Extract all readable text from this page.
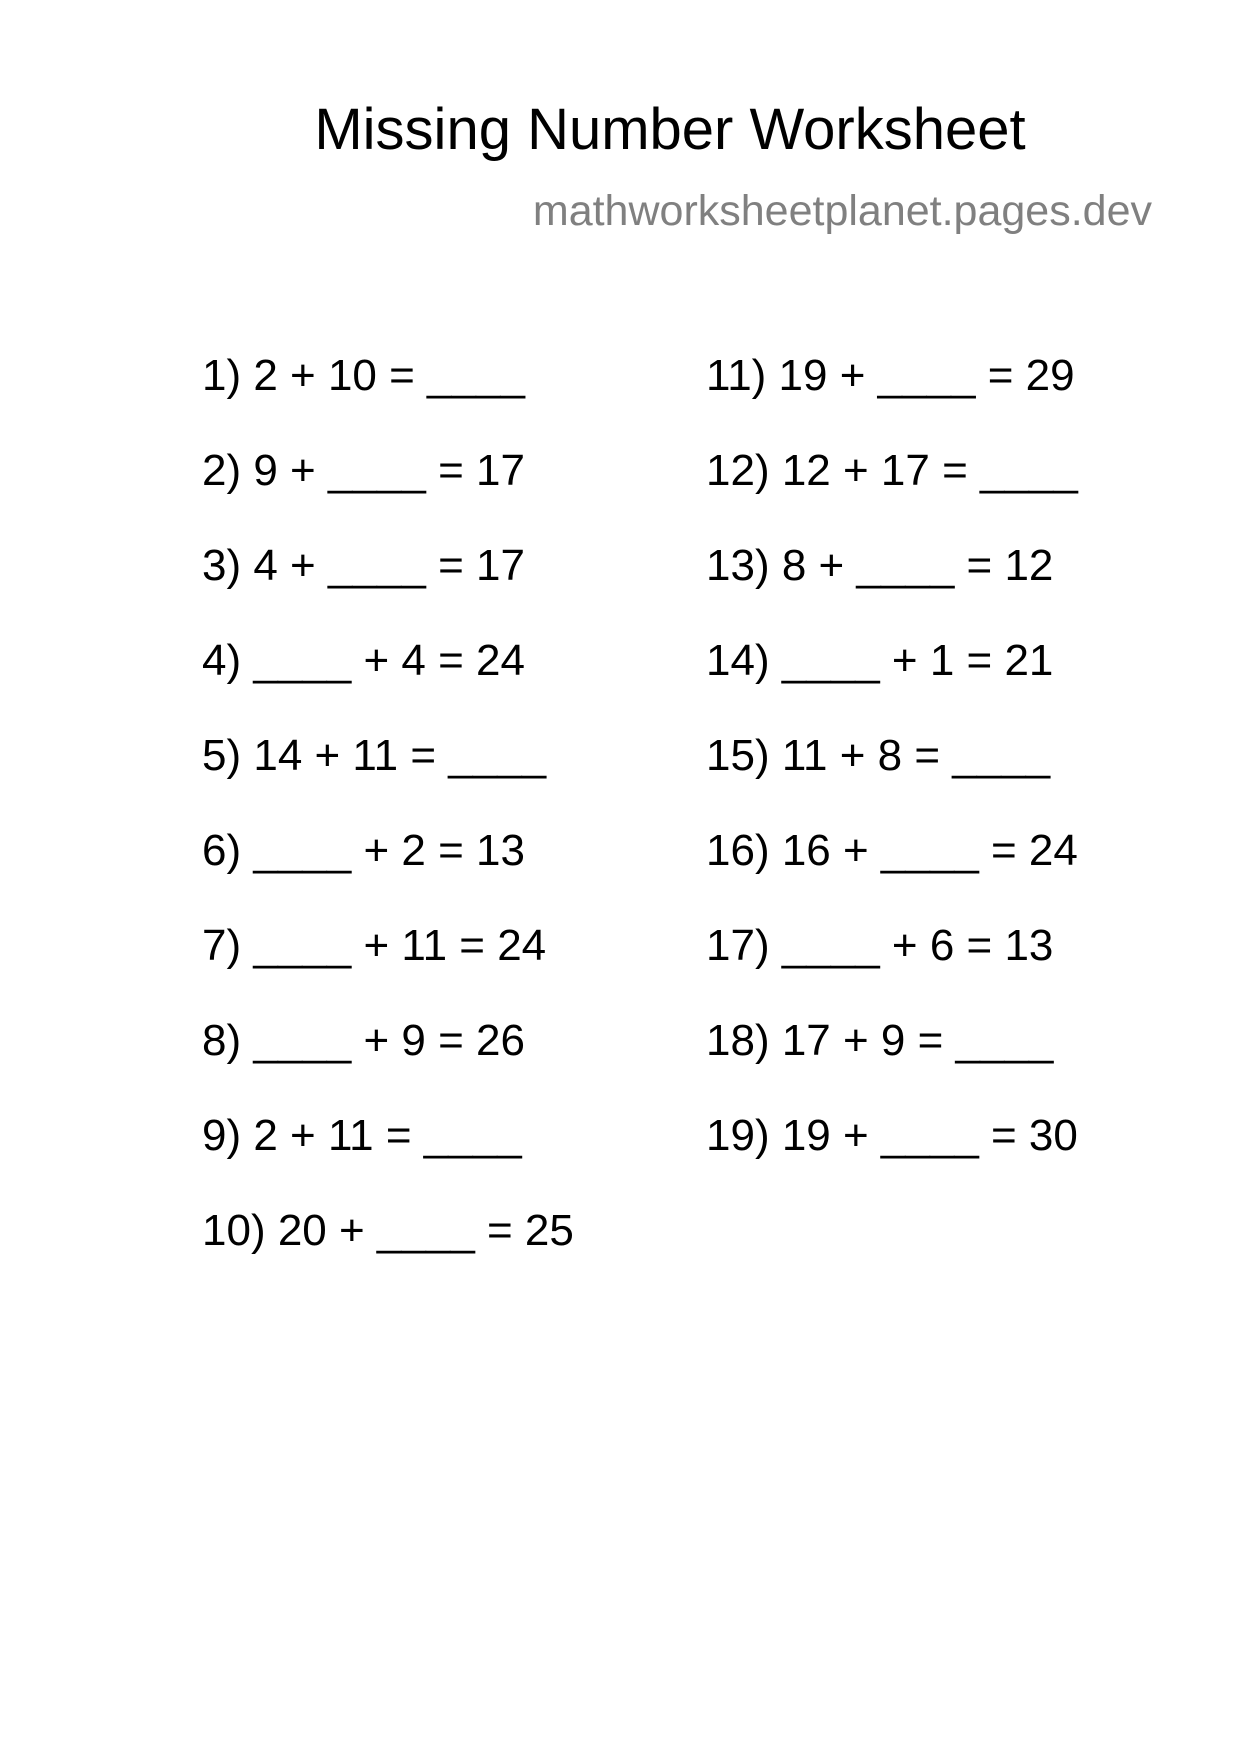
Missing Number Worksheet
mathworksheetplanet.pages.dev

1) 2 + 10 = ____

2) 9 + ____ = 17

3) 4 + ____ = 17

4) ____ + 4 = 24

5) 14 + 11 = ____

6) ____ + 2 = 13

7) ____ + 11 = 24

8) ____ + 9 = 26

9) 2 + 11 = ____

10) 20 + ____ = 25

11) 19 + ____ = 29

12) 12 + 17 = ____

13) 8 + ____ = 12

14) ____ + 1 = 21

15) 11 + 8 = ____

16) 16 + ____ = 24

17) ____ + 6 = 13

18) 17 + 9 = ____

19) 19 + ____ = 30
